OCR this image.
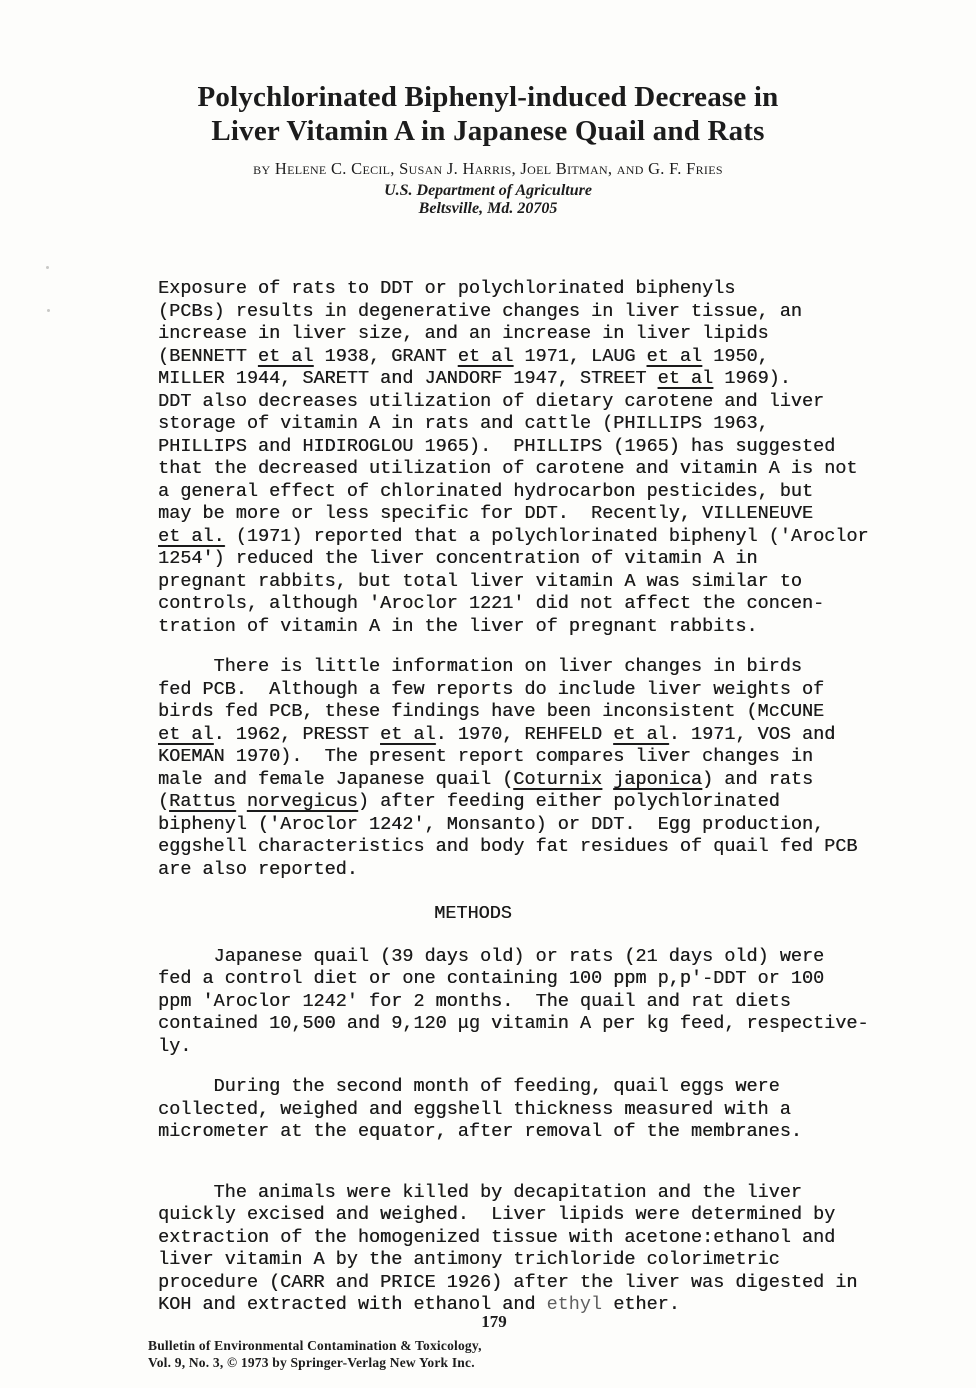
Polychlorinated Biphenyl-induced Decrease in
Liver Vitamin A in Japanese Quail and Rats
by Helene C. Cecil, Susan J. Harris, Joel Bitman, and G. F. Fries
U.S. Department of Agriculture
Beltsville, Md. 20705
Exposure of rats to DDT or polychlorinated biphenyls
(PCBs) results in degenerative changes in liver tissue, an
increase in liver size, and an increase in liver lipids
(BENNETT et al 1938, GRANT et al 1971, LAUG et al 1950,
MILLER 1944, SARETT and JANDORF 1947, STREET et al 1969).
DDT also decreases utilization of dietary carotene and liver
storage of vitamin A in rats and cattle (PHILLIPS 1963,
PHILLIPS and HIDIROGLOU 1965).  PHILLIPS (1965) has suggested
that the decreased utilization of carotene and vitamin A is not
a general effect of chlorinated hydrocarbon pesticides, but
may be more or less specific for DDT.  Recently, VILLENEUVE
et al. (1971) reported that a polychlorinated biphenyl ('Aroclor
1254') reduced the liver concentration of vitamin A in
pregnant rabbits, but total liver vitamin A was similar to
controls, although 'Aroclor 1221' did not affect the concen-
tration of vitamin A in the liver of pregnant rabbits.
There is little information on liver changes in birds
fed PCB.  Although a few reports do include liver weights of
birds fed PCB, these findings have been inconsistent (McCUNE
et al. 1962, PRESST et al. 1970, REHFELD et al. 1971, VOS and
KOEMAN 1970).  The present report compares liver changes in
male and female Japanese quail (Coturnix japonica) and rats
(Rattus norvegicus) after feeding either polychlorinated
biphenyl ('Aroclor 1242', Monsanto) or DDT.  Egg production,
eggshell characteristics and body fat residues of quail fed PCB
are also reported.
METHODS
Japanese quail (39 days old) or rats (21 days old) were
fed a control diet or one containing 100 ppm p,p'-DDT or 100
ppm 'Aroclor 1242' for 2 months.  The quail and rat diets
contained 10,500 and 9,120 μg vitamin A per kg feed, respective-
ly.
During the second month of feeding, quail eggs were
collected, weighed and eggshell thickness measured with a
micrometer at the equator, after removal of the membranes.
The animals were killed by decapitation and the liver
quickly excised and weighed.  Liver lipids were determined by
extraction of the homogenized tissue with acetone:ethanol and
liver vitamin A by the antimony trichloride colorimetric
procedure (CARR and PRICE 1926) after the liver was digested in
KOH and extracted with ethanol and ethyl ether.
179
Bulletin of Environmental Contamination & Toxicology,
Vol. 9, No. 3, © 1973 by Springer-Verlag New York Inc.
